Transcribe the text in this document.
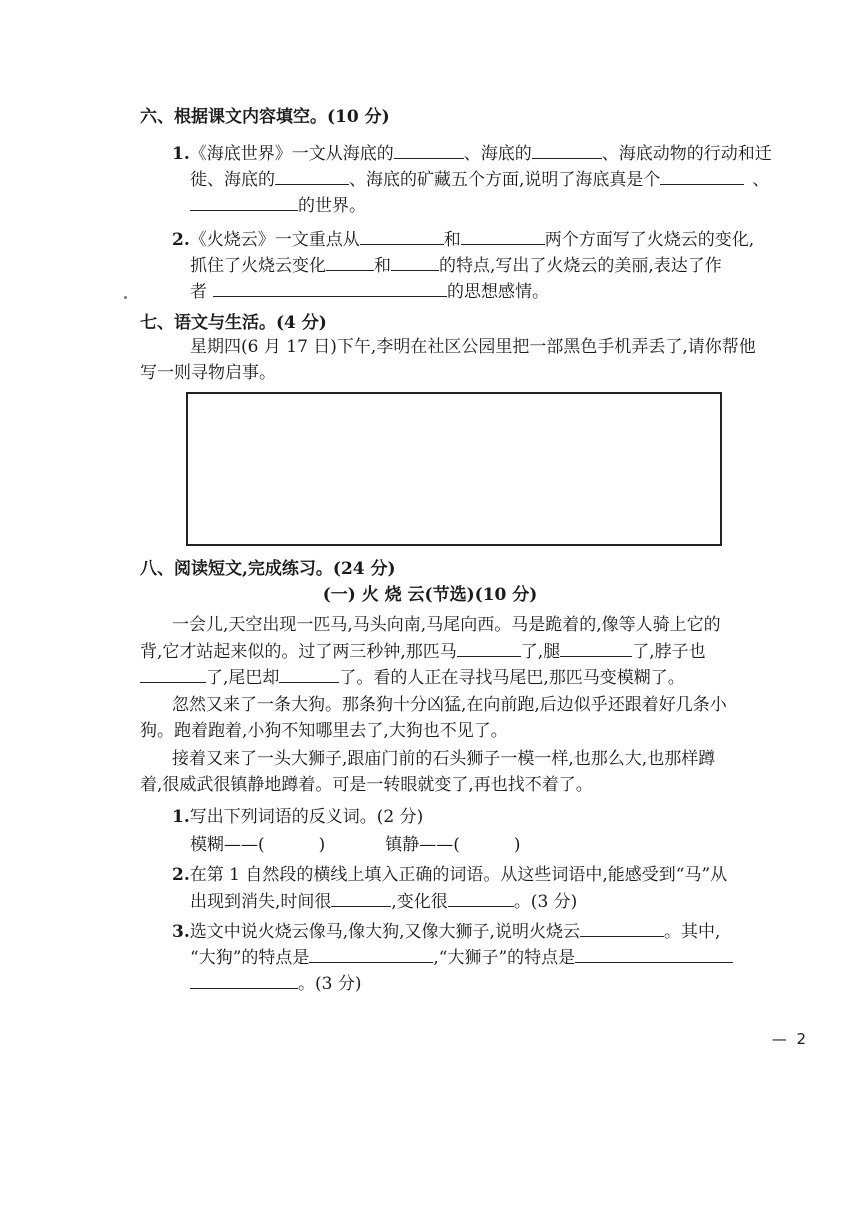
六、根据课文内容填空。(10 分)
1.《海底世界》一文从海底的	、海底的	、海底动物的行动和迁
徙、海底的	、海底的矿藏五个方面,说明了海底真是个	、
的世界。
2.《火烧云》一文重点从	和	两个方面写了火烧云的变化,
抓住了火烧云变化	和	的特点,写出了火烧云的美丽,表达了作
者	的思想感情。
七、语文与生活。(4 分)
星期四(6 月 17 日)下午,李明在社区公园里把一部黑色手机弄丢了,请你帮他
写一则寻物启事。
八、阅读短文,完成练习。(24 分)
(一) 火 烧 云(节选)(10 分)
一会儿,天空出现一匹马,马头向南,马尾向西。马是跪着的,像等人骑上它的
背,它才站起来似的。过了两三秒钟,那匹马	了,腿	了,脖子也
了,尾巴却	了。看的人正在寻找马尾巴,那匹马变模糊了。
忽然又来了一条大狗。那条狗十分凶猛,在向前跑,后边似乎还跟着好几条小
狗。跑着跑着,小狗不知哪里去了,大狗也不见了。
接着又来了一头大狮子,跟庙门前的石头狮子一模一样,也那么大,也那样蹲
着,很威武很镇静地蹲着。可是一转眼就变了,再也找不着了。
1.写出下列词语的反义词。(2 分)
模糊——(	)	镇静——(	)
2.在第 1 自然段的横线上填入正确的词语。从这些词语中,能感受到“马”从
出现到消失,时间很	,变化很	。(3 分)
3.选文中说火烧云像马,像大狗,又像大狮子,说明火烧云	。其中,
“大狗”的特点是	,“大狮子”的特点是
。(3 分)
— 2
